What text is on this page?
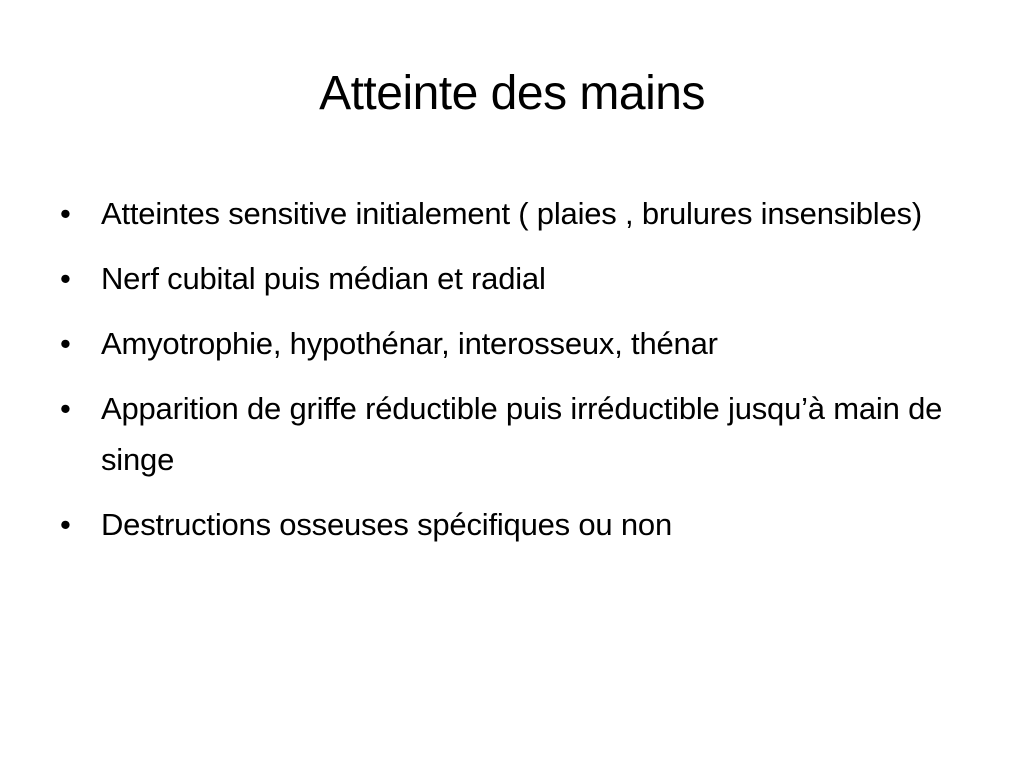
Atteinte des mains
• Atteintes sensitive initialement ( plaies , brulures insensibles)
• Nerf cubital puis médian et radial
• Amyotrophie, hypothénar, interosseux, thénar
• Apparition de griffe réductible puis irréductible jusqu’à main de singe
• Destructions osseuses spécifiques ou non
